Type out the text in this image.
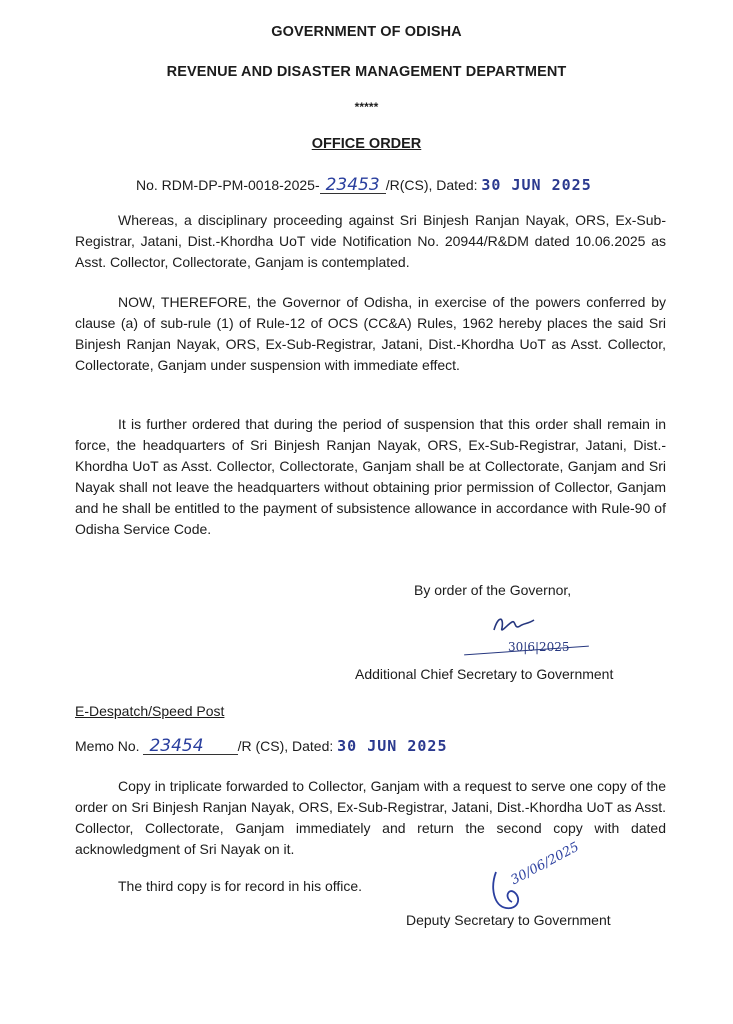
GOVERNMENT OF ODISHA
REVENUE AND DISASTER MANAGEMENT DEPARTMENT
*****
OFFICE ORDER
No. RDM-DP-PM-0018-2025- 23453 /R(CS), Dated: 30 JUN 2025
Whereas, a disciplinary proceeding against Sri Binjesh Ranjan Nayak, ORS, Ex-Sub-Registrar, Jatani, Dist.-Khordha UoT vide Notification No. 20944/R&DM dated 10.06.2025 as Asst. Collector, Collectorate, Ganjam is contemplated.
NOW, THEREFORE, the Governor of Odisha, in exercise of the powers conferred by clause (a) of sub-rule (1) of Rule-12 of OCS (CC&A) Rules, 1962 hereby places the said Sri Binjesh Ranjan Nayak, ORS, Ex-Sub-Registrar, Jatani, Dist.-Khordha UoT as Asst. Collector, Collectorate, Ganjam under suspension with immediate effect.
It is further ordered that during the period of suspension that this order shall remain in force, the headquarters of Sri Binjesh Ranjan Nayak, ORS, Ex-Sub-Registrar, Jatani, Dist.-Khordha UoT as Asst. Collector, Collectorate, Ganjam shall be at Collectorate, Ganjam and Sri Nayak shall not leave the headquarters without obtaining prior permission of Collector, Ganjam and he shall be entitled to the payment of subsistence allowance in accordance with Rule-90 of Odisha Service Code.
By order of the Governor,
30|6|2025
Additional Chief Secretary to Government
E-Despatch/Speed Post
Memo No. 23454 /R (CS), Dated: 30 JUN 2025
Copy in triplicate forwarded to Collector, Ganjam with a request to serve one copy of the order on Sri Binjesh Ranjan Nayak, ORS, Ex-Sub-Registrar, Jatani, Dist.-Khordha UoT as Asst. Collector, Collectorate, Ganjam immediately and return the second copy with dated acknowledgment of Sri Nayak on it.
The third copy is for record in his office.	30/06/2025
Deputy Secretary to Government
